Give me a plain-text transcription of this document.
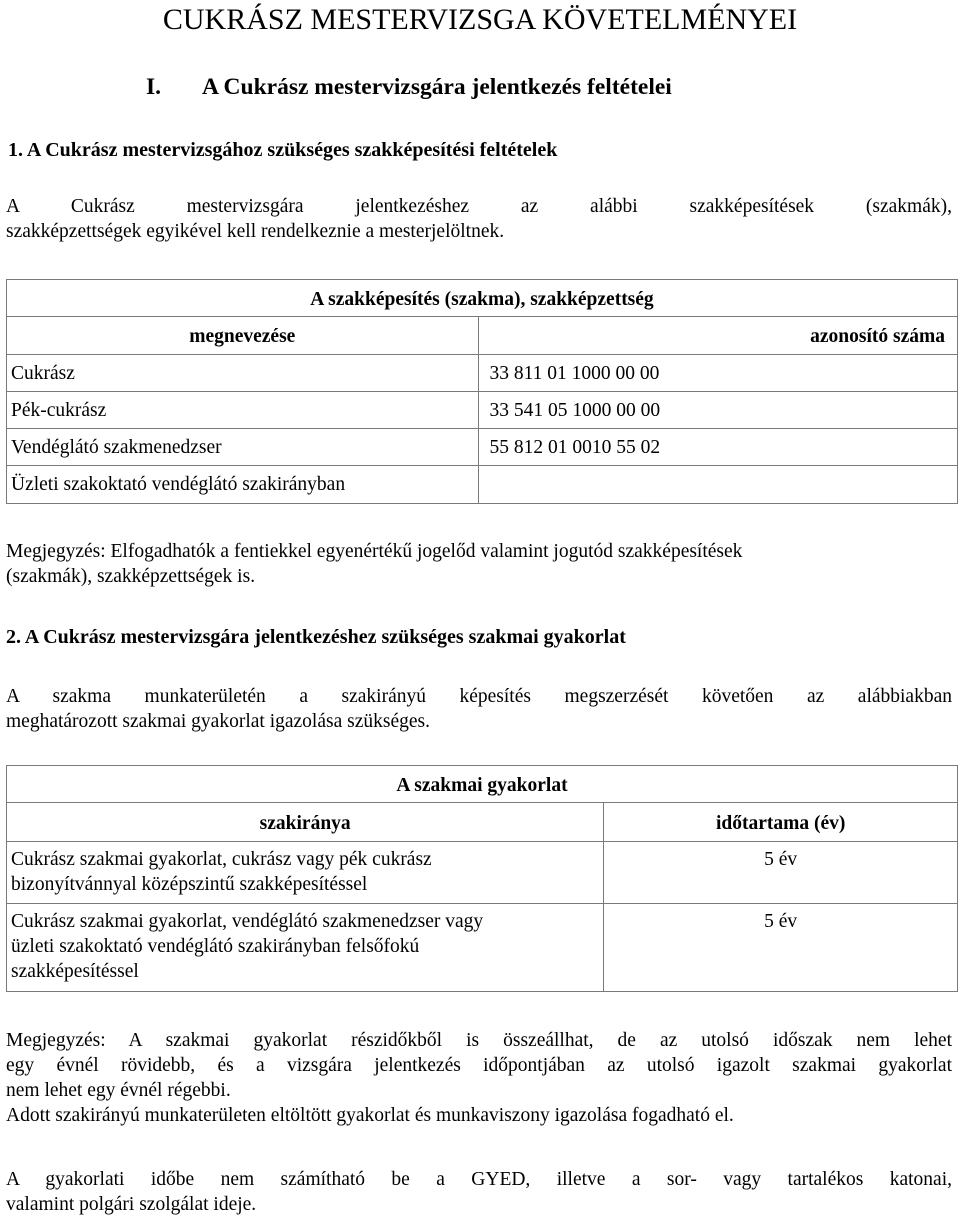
CUKRÁSZ MESTERVIZSGA KÖVETELMÉNYEI
I. A Cukrász mestervizsgára jelentkezés feltételei
1. A Cukrász mestervizsgához szükséges szakképesítési feltételek
A Cukrász mestervizsgára jelentkezéshez az alábbi szakképesítések (szakmák),
szakképzettségek egyikével kell rendelkeznie a mesterjelöltnek.
A szakképesítés (szakma), szakképzettség	
megnevezése	azonosító száma
Cukrász	33 811 01 1000 00 00
Pék-cukrász	33 541 05 1000 00 00
Vendéglátó szakmenedzser	55 812 01 0010 55 02
Üzleti szakoktató vendéglátó szakirányban	
Megjegyzés: Elfogadhatók a fentiekkel egyenértékű jogelőd valamint jogutód szakképesítések
(szakmák), szakképzettségek is.
2. A Cukrász mestervizsgára jelentkezéshez szükséges szakmai gyakorlat
A szakma munkaterületén a szakirányú képesítés megszerzését követően az alábbiakban
meghatározott szakmai gyakorlat igazolása szükséges.
A szakmai gyakorlat	
szakiránya	időtartama (év)

Cukrász szakmai gyakorlat, cukrász vagy pék cukrász
bizonyítvánnyal középszintű szakképesítéssel	5 év

Cukrász szakmai gyakorlat, vendéglátó szakmenedzser vagy
üzleti szakoktató vendéglátó szakirányban felsőfokú
szakképesítéssel	5 év
Megjegyzés: A szakmai gyakorlat részidőkből is összeállhat, de az utolsó időszak nem lehet
egy évnél rövidebb, és a vizsgára jelentkezés időpontjában az utolsó igazolt szakmai gyakorlat
nem lehet egy évnél régebbi.
Adott szakirányú munkaterületen eltöltött gyakorlat és munkaviszony igazolása fogadható el.
A gyakorlati időbe nem számítható be a GYED, illetve a sor- vagy tartalékos katonai,
valamint polgári szolgálat ideje.
